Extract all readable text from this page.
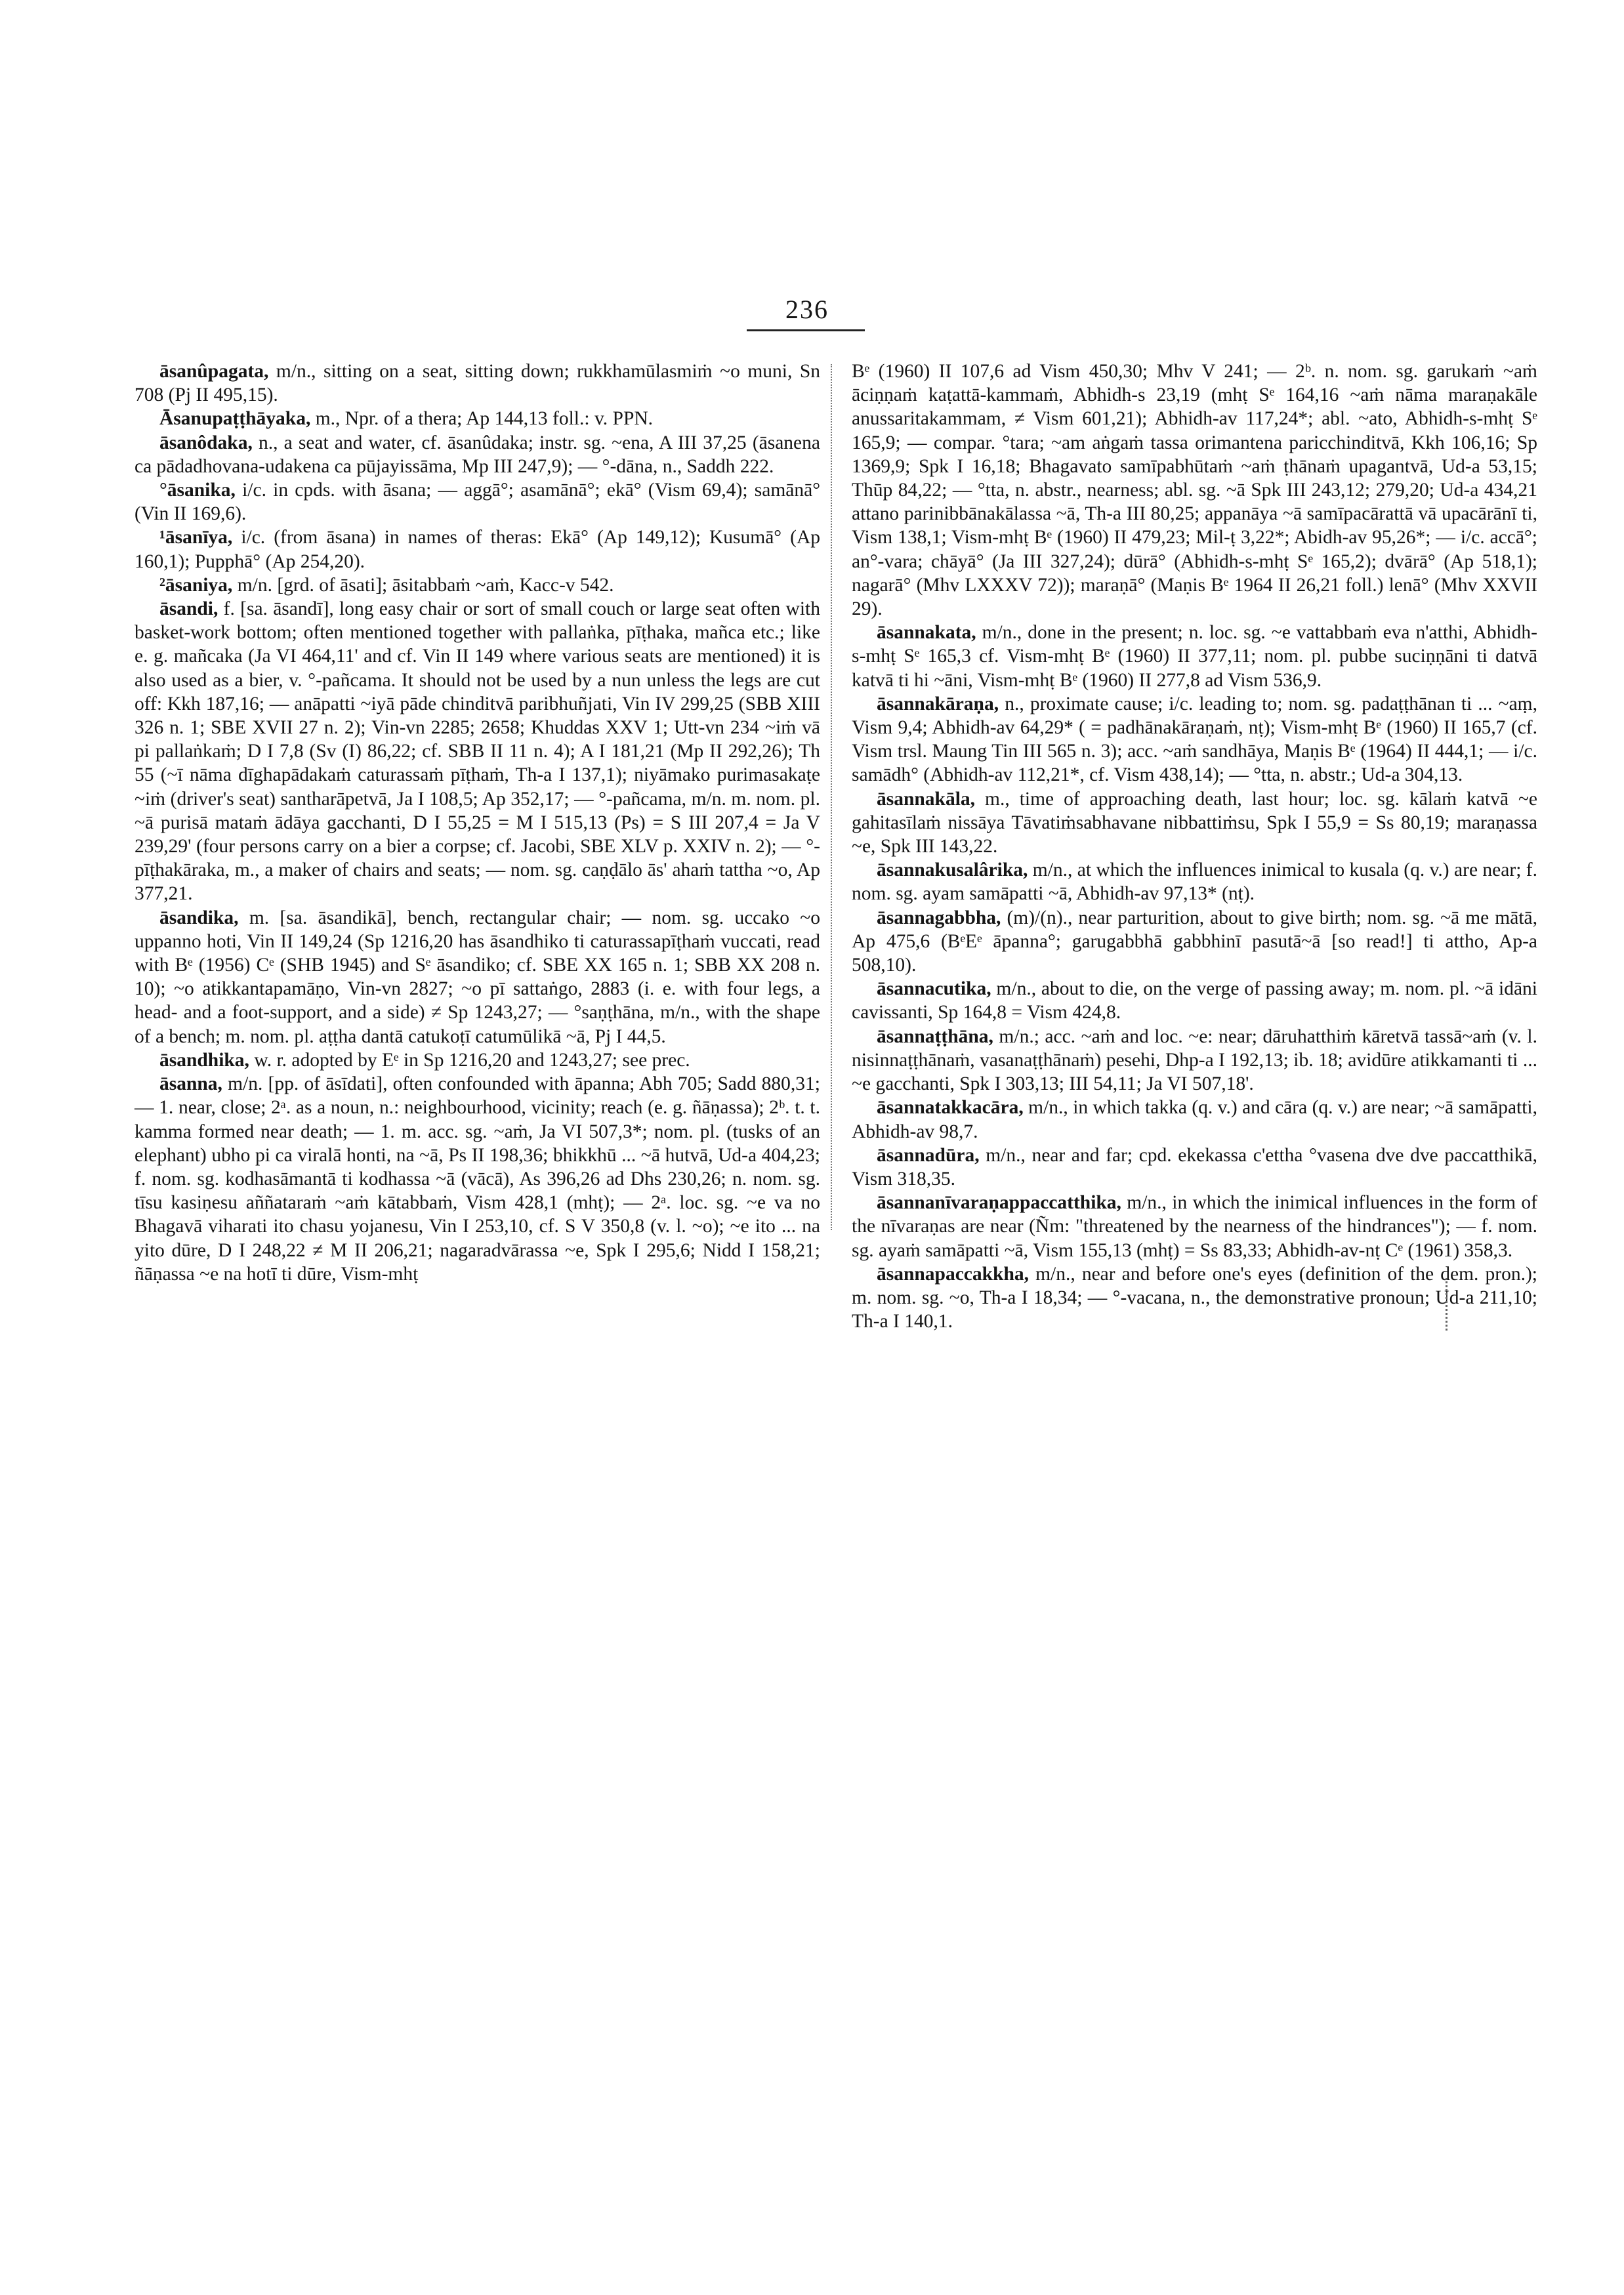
236

āsanûpagata, m/n., sitting on a seat, sitting down; rukkhamūlasmiṁ ~o muni, Sn 708 (Pj II 495,15).

Āsanupaṭṭhāyaka, m., Npr. of a thera; Ap 144,13 foll.: v. PPN.

āsanôdaka, n., a seat and water, cf. āsanûdaka; instr. sg. ~ena, A III 37,25 (āsanena ca pādadhovana-udakena ca pūjayissāma, Mp III 247,9); — °-dāna, n., Saddh 222.

°āsanika, i/c. in cpds. with āsana; — aggā°; asamānā°; ekā° (Vism 69,4); samānā° (Vin II 169,6).

¹āsanīya, i/c. (from āsana) in names of theras: Ekā° (Ap 149,12); Kusumā° (Ap 160,1); Pupphā° (Ap 254,20).

²āsaniya, m/n. [grd. of āsati]; āsitabbaṁ ~aṁ, Kacc-v 542.

āsandi, f. [sa. āsandī], long easy chair or sort of small couch or large seat often with basket-work bottom; often mentioned together with pallaṅka, pīṭhaka, mañca etc.; like e. g. mañcaka (Ja VI 464,11' and cf. Vin II 149 where various seats are mentioned) it is also used as a bier, v. °-pañcama. It should not be used by a nun unless the legs are cut off: Kkh 187,16; — anāpatti ~iyā pāde chinditvā paribhuñjati, Vin IV 299,25 (SBB XIII 326 n. 1; SBE XVII 27 n. 2); Vin-vn 2285; 2658; Khuddas XXV 1; Utt-vn 234 ~iṁ vā pi pallaṅkaṁ; D I 7,8 (Sv (I) 86,22; cf. SBB II 11 n. 4); A I 181,21 (Mp II 292,26); Th 55 (~ī nāma dīghapādakaṁ caturassaṁ pīṭhaṁ, Th-a I 137,1); niyāmako purimasakaṭe ~iṁ (driver's seat) santharāpetvā, Ja I 108,5; Ap 352,17; — °-pañcama, m/n. m. nom. pl. ~ā purisā mataṁ ādāya gacchanti, D I 55,25 = M I 515,13 (Ps) = S III 207,4 = Ja V 239,29' (four persons carry on a bier a corpse; cf. Jacobi, SBE XLV p. XXIV n. 2); — °-pīṭhakāraka, m., a maker of chairs and seats; — nom. sg. caṇḍālo ās' ahaṁ tattha ~o, Ap 377,21.

āsandika, m. [sa. āsandikā], bench, rectangular chair; — nom. sg. uccako ~o uppanno hoti, Vin II 149,24 (Sp 1216,20 has āsandhiko ti caturassapīṭhaṁ vuccati, read with Bᵉ (1956) Cᵉ (SHB 1945) and Sᵉ āsandiko; cf. SBE XX 165 n. 1; SBB XX 208 n. 10); ~o atikkantapamāṇo, Vin-vn 2827; ~o pī sattaṅgo, 2883 (i. e. with four legs, a head- and a foot-support, and a side) ≠ Sp 1243,27; — °saṇṭhāna, m/n., with the shape of a bench; m. nom. pl. aṭṭha dantā catukoṭī catumūlikā ~ā, Pj I 44,5.

āsandhika, w. r. adopted by Eᵉ in Sp 1216,20 and 1243,27; see prec.

āsanna, m/n. [pp. of āsīdati], often confounded with āpanna; Abh 705; Sadd 880,31; — 1. near, close; 2ᵃ. as a noun, n.: neighbourhood, vicinity; reach (e. g. ñāṇassa); 2ᵇ. t. t. kamma formed near death; — 1. m. acc. sg. ~aṁ, Ja VI 507,3*; nom. pl. (tusks of an elephant) ubho pi ca viralā honti, na ~ā, Ps II 198,36; bhikkhū ... ~ā hutvā, Ud-a 404,23; f. nom. sg. kodhasāmantā ti kodhassa ~ā (vācā), As 396,26 ad Dhs 230,26; n. nom. sg. tīsu kasiṇesu aññataraṁ ~aṁ kātabbaṁ, Vism 428,1 (mhṭ); — 2ᵃ. loc. sg. ~e va no Bhagavā viharati ito chasu yojanesu, Vin I 253,10, cf. S V 350,8 (v. l. ~o); ~e ito ... na yito dūre, D I 248,22 ≠ M II 206,21; nagaradvārassa ~e, Spk I 295,6; Nidd I 158,21; ñāṇassa ~e na hotī ti dūre, Vism-mhṭ

Bᵉ (1960) II 107,6 ad Vism 450,30; Mhv V 241; — 2ᵇ. n. nom. sg. garukaṁ ~aṁ āciṇṇaṁ kaṭattā-kammaṁ, Abhidh-s 23,19 (mhṭ Sᵉ 164,16 ~aṁ nāma maraṇakāle anussaritakammam, ≠ Vism 601,21); Abhidh-av 117,24*; abl. ~ato, Abhidh-s-mhṭ Sᵉ 165,9; — compar. °tara; ~am aṅgaṁ tassa orimantena paricchinditvā, Kkh 106,16; Sp 1369,9; Spk I 16,18; Bhagavato samīpabhūtaṁ ~aṁ ṭhānaṁ upagantvā, Ud-a 53,15; Thūp 84,22; — °tta, n. abstr., nearness; abl. sg. ~ā Spk III 243,12; 279,20; Ud-a 434,21 attano parinibbānakālassa ~ā, Th-a III 80,25; appanāya ~ā samīpacārattā vā upacārānī ti, Vism 138,1; Vism-mhṭ Bᵉ (1960) II 479,23; Mil-ṭ 3,22*; Abidh-av 95,26*; — i/c. accā°; an°-vara; chāyā° (Ja III 327,24); dūrā° (Abhidh-s-mhṭ Sᵉ 165,2); dvārā° (Ap 518,1); nagarā° (Mhv LXXXV 72)); maraṇā° (Maṇis Bᵉ 1964 II 26,21 foll.) lenā° (Mhv XXVII 29).

āsannakata, m/n., done in the present; n. loc. sg. ~e vattabbaṁ eva n'atthi, Abhidh-s-mhṭ Sᵉ 165,3 cf. Vism-mhṭ Bᵉ (1960) II 377,11; nom. pl. pubbe suciṇṇāni ti datvā katvā ti hi ~āni, Vism-mhṭ Bᵉ (1960) II 277,8 ad Vism 536,9.

āsannakāraṇa, n., proximate cause; i/c. leading to; nom. sg. padaṭṭhānan ti ... ~aṃ, Vism 9,4; Abhidh-av 64,29* ( = padhānakāraṇaṁ, nṭ); Vism-mhṭ Bᵉ (1960) II 165,7 (cf. Vism trsl. Maung Tin III 565 n. 3); acc. ~aṁ sandhāya, Maṇis Bᵉ (1964) II 444,1; — i/c. samādh° (Abhidh-av 112,21*, cf. Vism 438,14); — °tta, n. abstr.; Ud-a 304,13.

āsannakāla, m., time of approaching death, last hour; loc. sg. kālaṁ katvā ~e gahitasīlaṁ nissāya Tāvatiṁsabhavane nibbattiṁsu, Spk I 55,9 = Ss 80,19; maraṇassa ~e, Spk III 143,22.

āsannakusalârika, m/n., at which the influences inimical to kusala (q. v.) are near; f. nom. sg. ayam samāpatti ~ā, Abhidh-av 97,13* (nṭ).

āsannagabbha, (m)/(n)., near parturition, about to give birth; nom. sg. ~ā me mātā, Ap 475,6 (BᵉEᵉ āpanna°; garugabbhā gabbhinī pasutā~ā [so read!] ti attho, Ap-a 508,10).

āsannacutika, m/n., about to die, on the verge of passing away; m. nom. pl. ~ā idāni cavissanti, Sp 164,8 = Vism 424,8.

āsannaṭṭhāna, m/n.; acc. ~aṁ and loc. ~e: near; dāruhatthiṁ kāretvā tassā~aṁ (v. l. nisinnaṭṭhānaṁ, vasanaṭṭhānaṁ) pesehi, Dhp-a I 192,13; ib. 18; avidūre atikkamanti ti ... ~e gacchanti, Spk I 303,13; III 54,11; Ja VI 507,18'.

āsannatakkacāra, m/n., in which takka (q. v.) and cāra (q. v.) are near; ~ā samāpatti, Abhidh-av 98,7.

āsannadūra, m/n., near and far; cpd. ekekassa c'ettha °vasena dve dve paccatthikā, Vism 318,35.

āsannanīvaraṇappaccatthika, m/n., in which the inimical influences in the form of the nīvaraṇas are near (Ñm: "threatened by the nearness of the hindrances"); — f. nom. sg. ayaṁ samāpatti ~ā, Vism 155,13 (mhṭ) = Ss 83,33; Abhidh-av-nṭ Cᵉ (1961) 358,3.

āsannapaccakkha, m/n., near and before one's eyes (definition of the dem. pron.); m. nom. sg. ~o, Th-a I 18,34; — °-vacana, n., the demonstrative pronoun; Ud-a 211,10; Th-a I 140,1.
